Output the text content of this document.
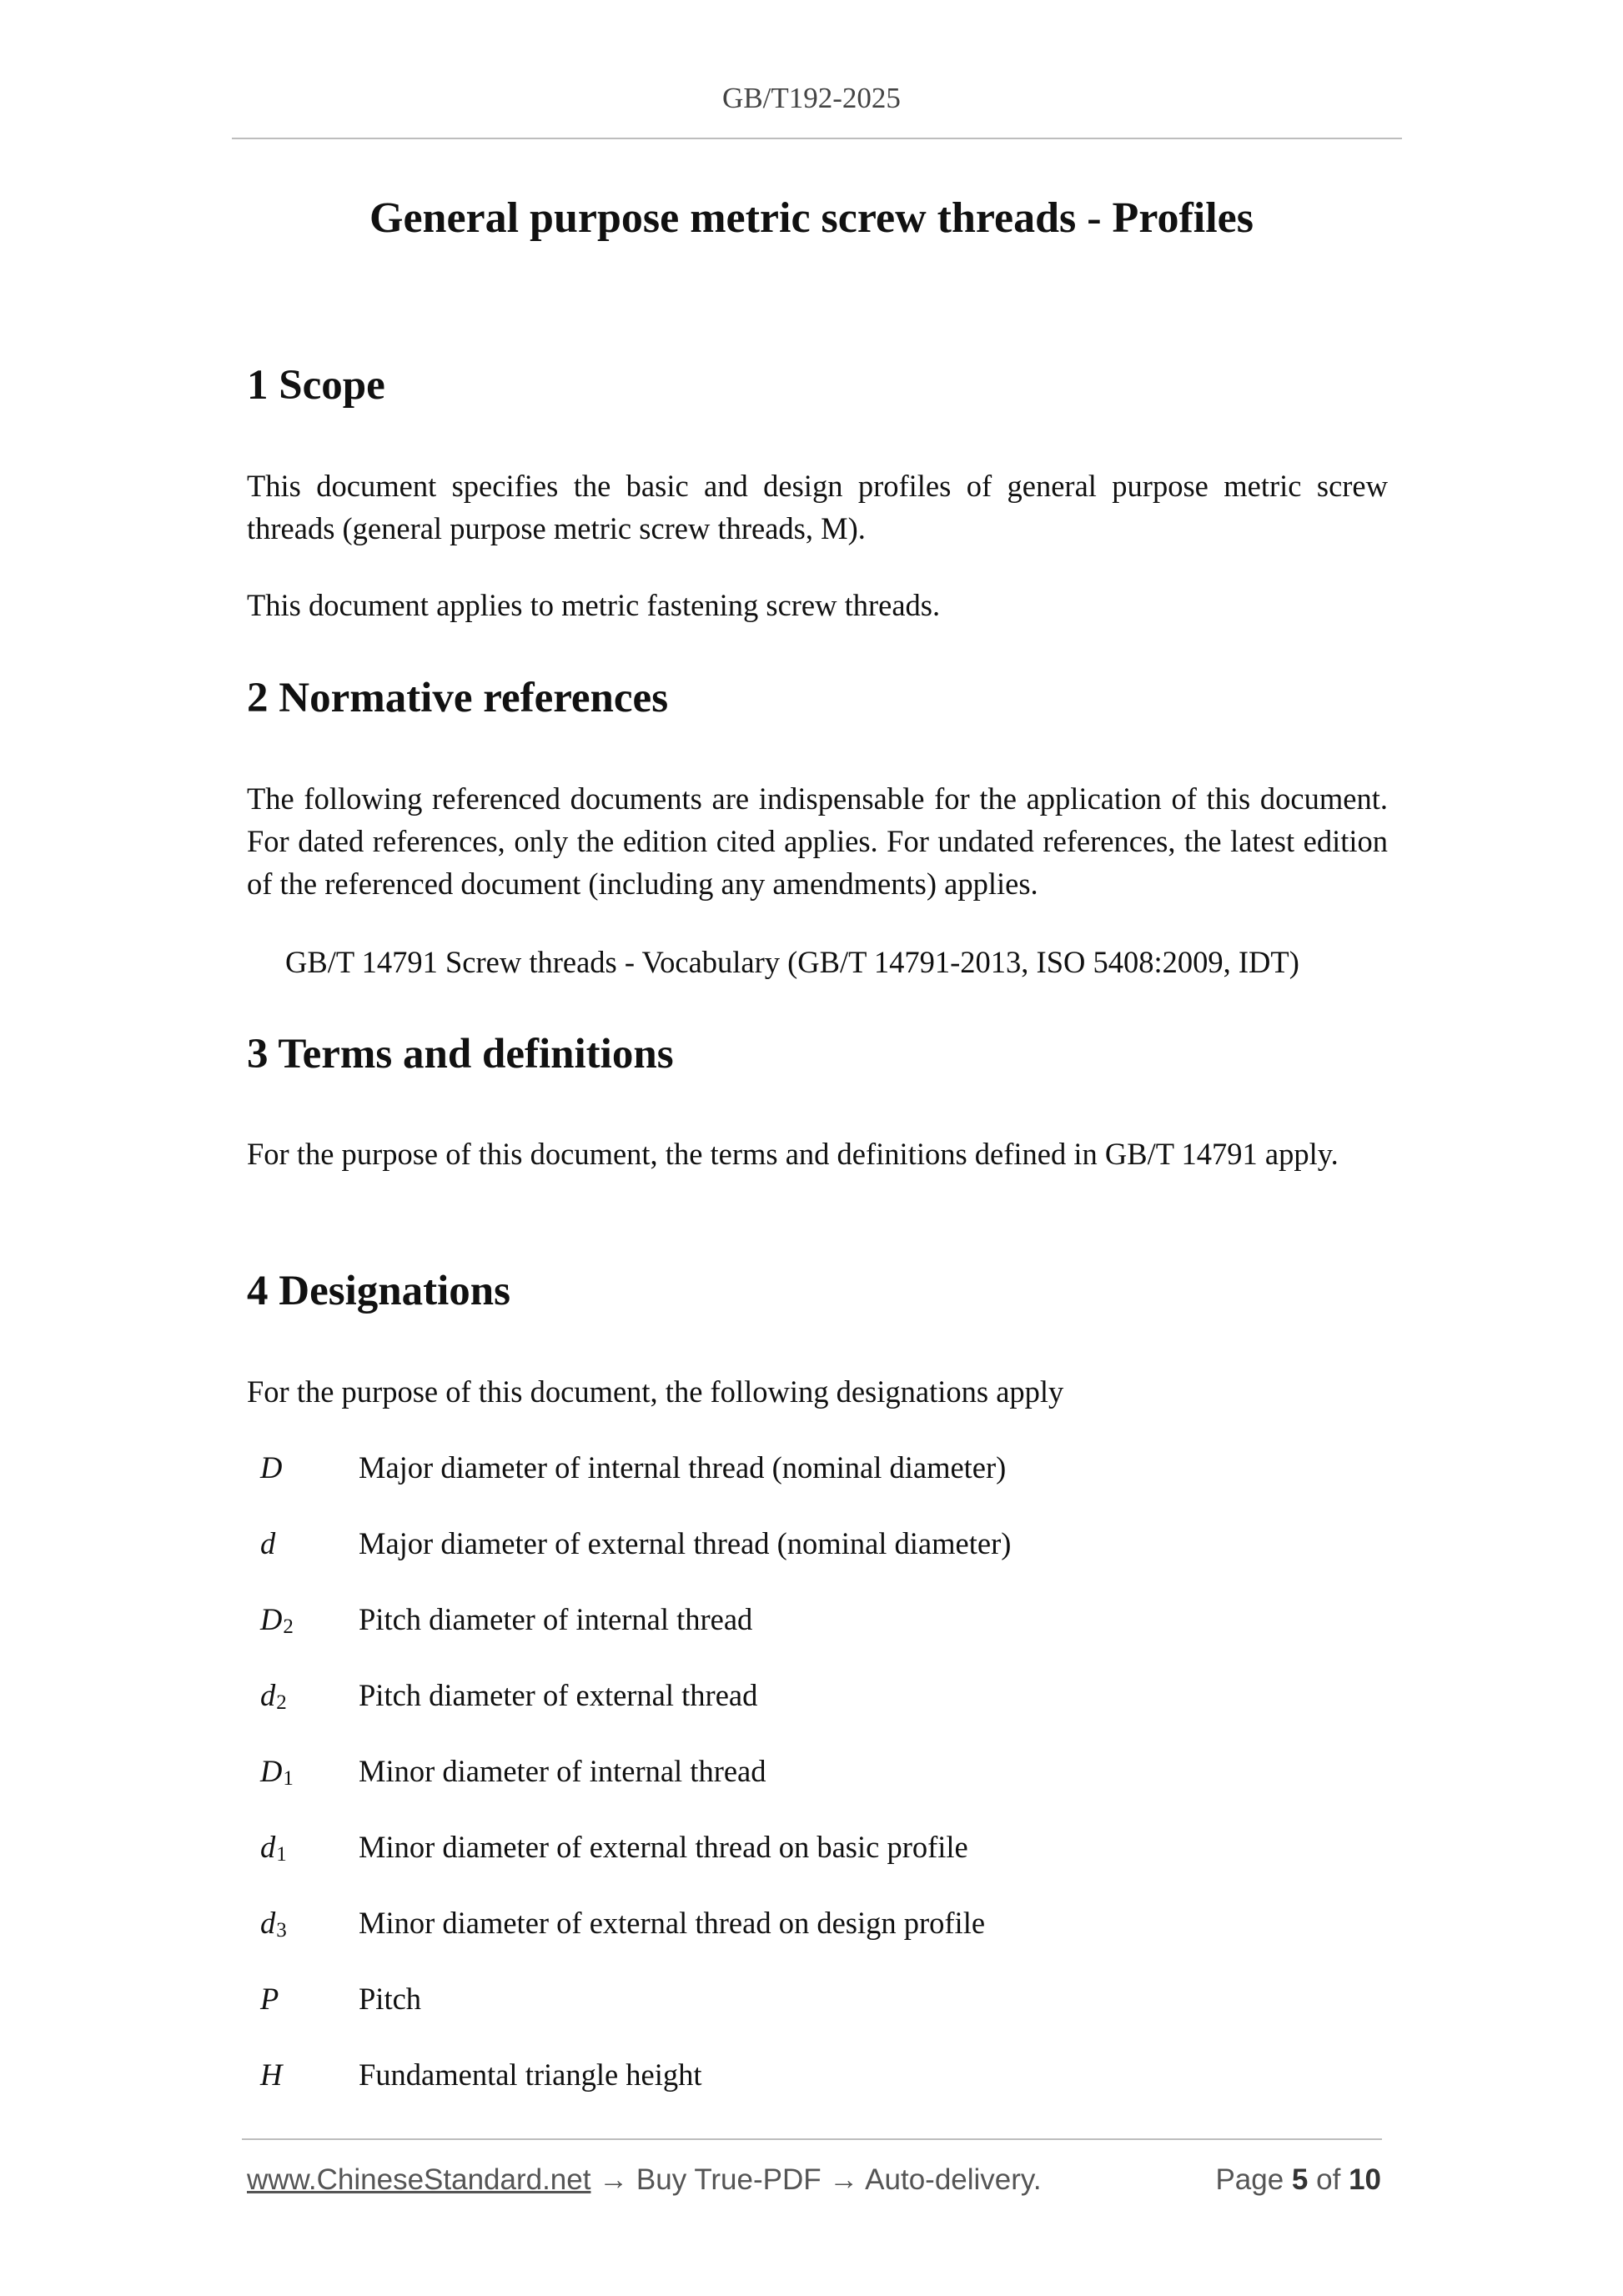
GB/T192-2025
General purpose metric screw threads - Profiles
1 Scope
This document specifies the basic and design profiles of general purpose metric screw threads (general purpose metric screw threads, M).
This document applies to metric fastening screw threads.
2 Normative references
The following referenced documents are indispensable for the application of this document. For dated references, only the edition cited applies. For undated references, the latest edition of the referenced document (including any amendments) applies.
GB/T 14791 Screw threads - Vocabulary (GB/T 14791-2013, ISO 5408:2009, IDT)
3 Terms and definitions
For the purpose of this document, the terms and definitions defined in GB/T 14791 apply.
4 Designations
For the purpose of this document, the following designations apply
D	Major diameter of internal thread (nominal diameter)
d	Major diameter of external thread (nominal diameter)
D2 Pitch diameter of internal thread
d2 Pitch diameter of external thread
D1 Minor diameter of internal thread
d1 Minor diameter of external thread on basic profile
d3 Minor diameter of external thread on design profile
P	Pitch
H	Fundamental triangle height
www.ChineseStandard.net → Buy True-PDF → Auto-delivery.	Page 5 of 10
